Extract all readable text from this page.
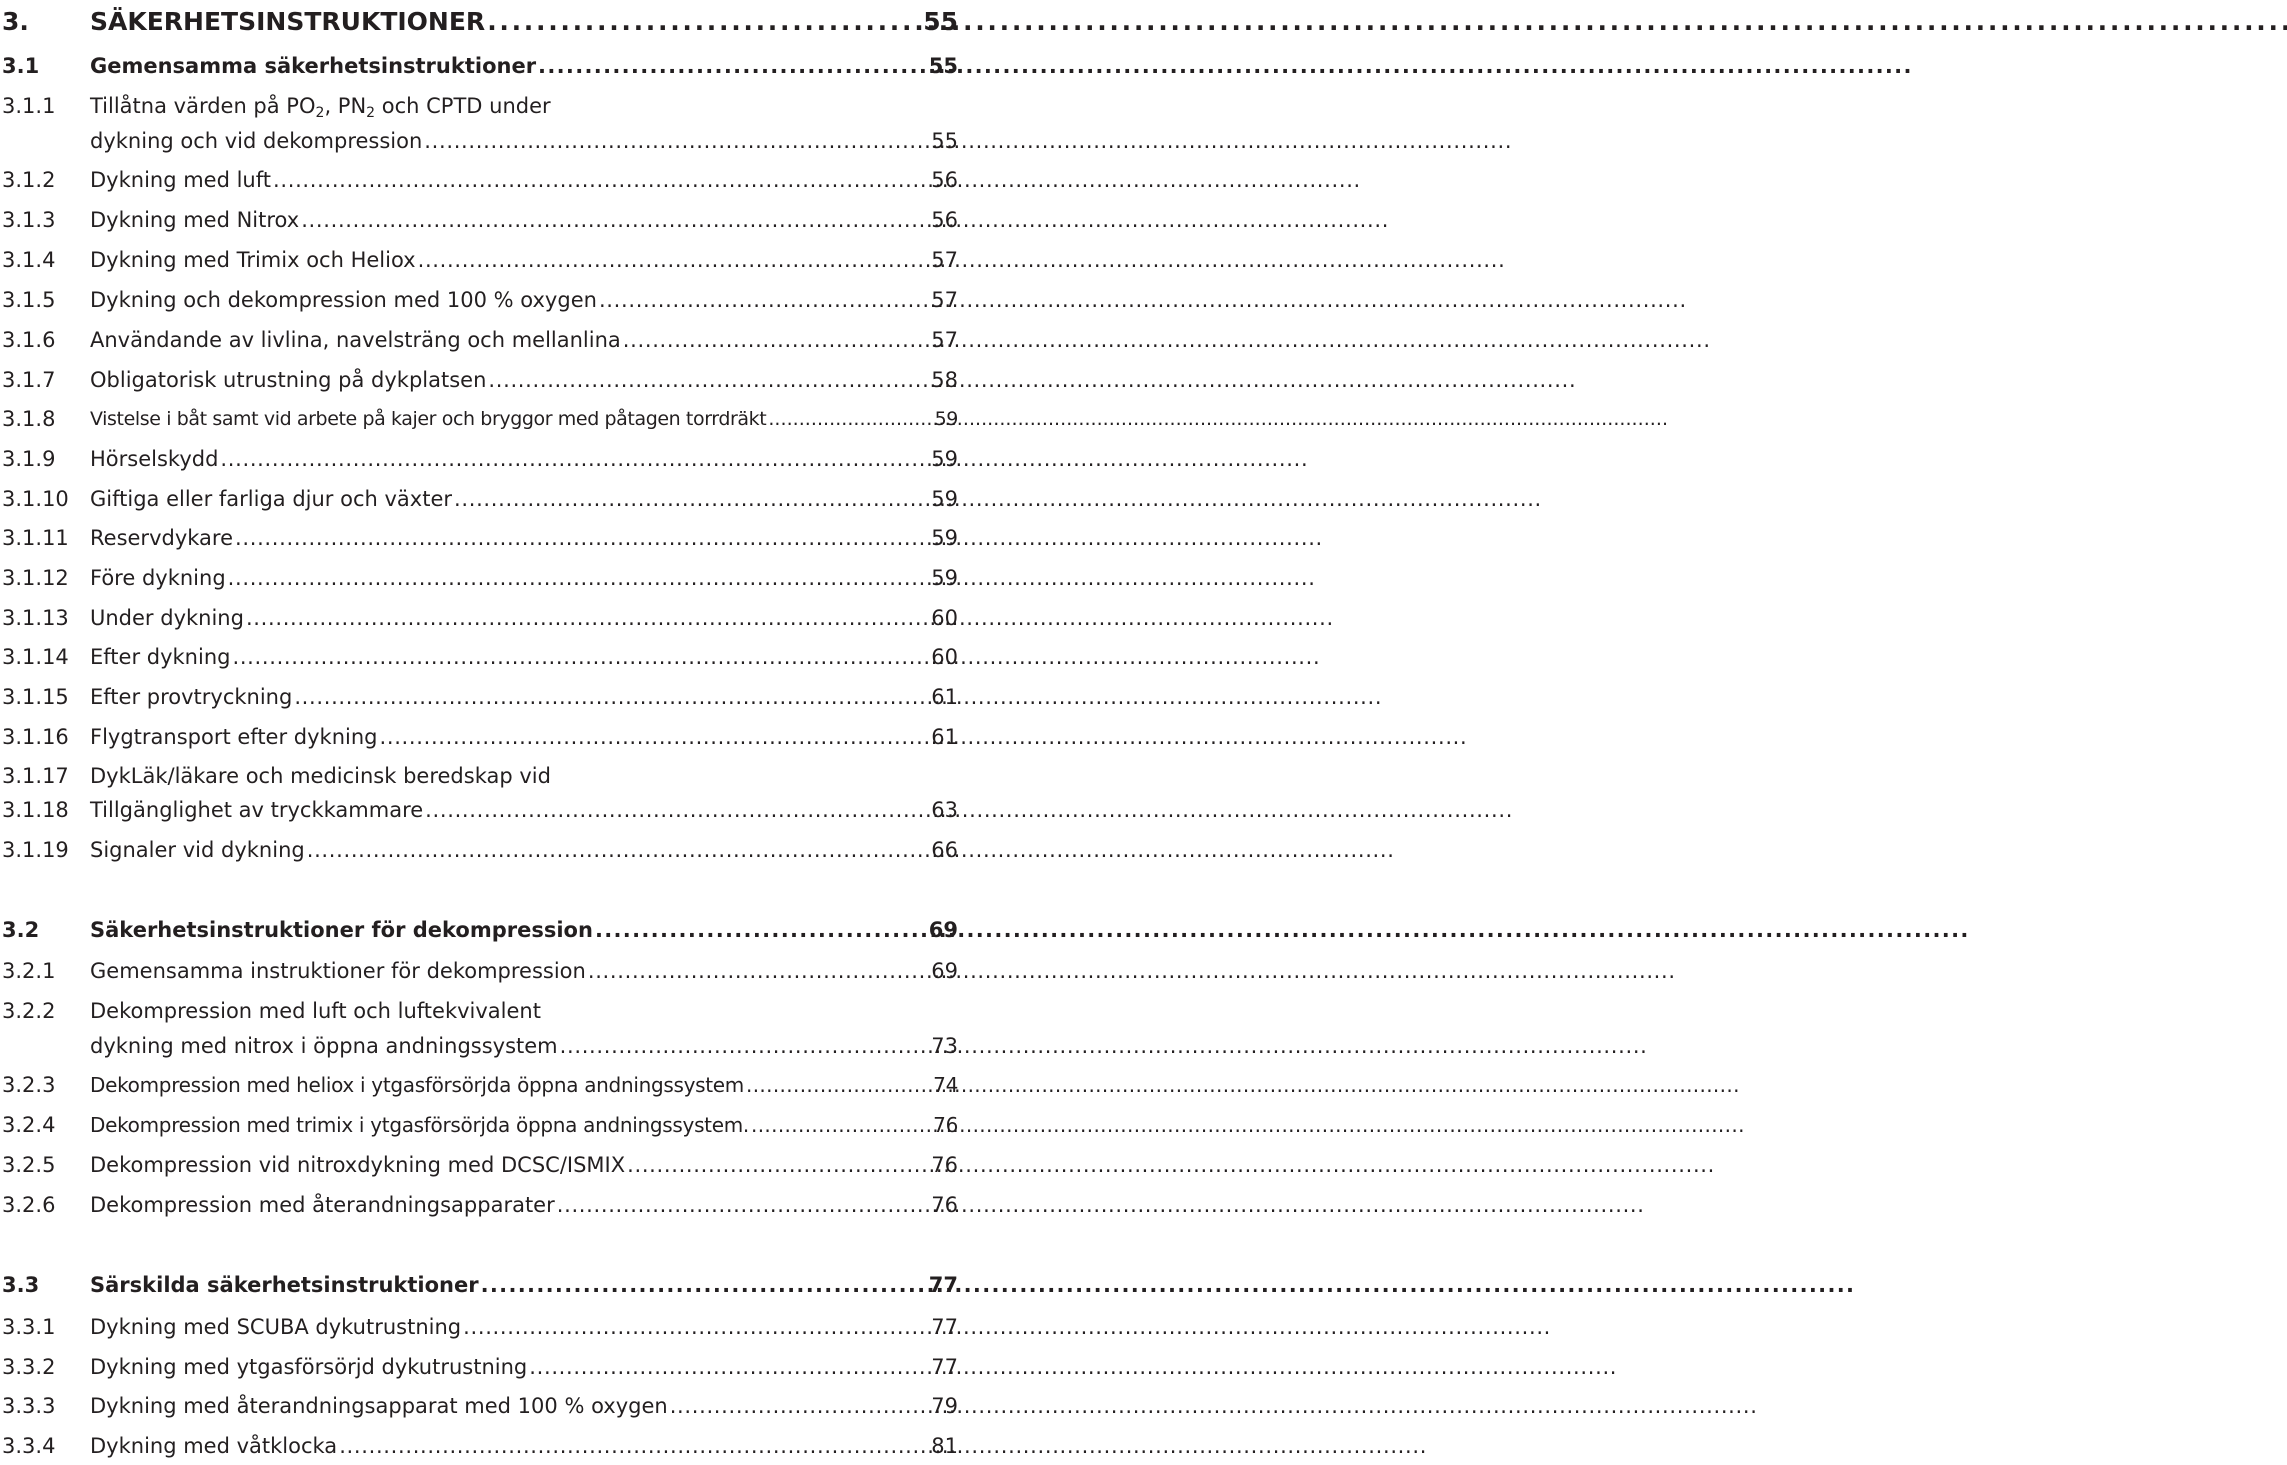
3. SÄKERHETSINSTRUKTIONER . . .	55
3.1 Gemensamma säkerhetsinstruktioner . . .	55
3.1.1 Tillåtna värden på $PO_2$, $PN_2$ och CPTD under
dykning och vid dekompression . . .	55
3.1.2 Dykning med luft . . .	56
3.1.3 Dykning med Nitrox . . .	56
3.1.4 Dykning med Trimix och Heliox . . .	57
3.1.5 Dykning och dekompression med 100 % oxygen . . .	57
3.1.6 Användande av livlina, navelsträng och mellanlina . . .	57
3.1.7 Obligatorisk utrustning på dykplatsen . . .	58
3.1.8 Vistelse i båt samt vid arbete på kajer och bryggor med påtagen torrdräkt . . .	59
3.1.9 Hörselskydd . . .	59
3.1.10 Giftiga eller farliga djur och växter . . .	59
3.1.11 Reservdykare . . .	59
3.1.12 Före dykning . . .	59
3.1.13 Under dykning . . .	60
3.1.14 Efter dykning . . .	60
3.1.15 Efter provtryckning . . .	61
3.1.16 Flygtransport efter dykning . . .	61
3.1.17 DykLäk/läkare och medicinsk beredskap vid
3.1.18 Tillgänglighet av tryckkammare . . .	63
3.1.19 Signaler vid dykning . . .	66
3.2 Säkerhetsinstruktioner för dekompression . . .	69
3.2.1 Gemensamma instruktioner för dekompression . . .	69
3.2.2 Dekompression med luft och luftekvivalent
dykning med nitrox i öppna andningssystem . . .	73
3.2.3 Dekompression med heliox i ytgasförsörjda öppna andningssystem . . .	74
3.2.4 Dekompression med trimix i ytgasförsörjda öppna andningssystem. . . .	76
3.2.5 Dekompression vid nitroxdykning med DCSC/ISMIX . . .	76
3.2.6 Dekompression med återandningsapparater . . .	76
3.3 Särskilda säkerhetsinstruktioner . . .	77
3.3.1 Dykning med SCUBA dykutrustning . . .	77
3.3.2 Dykning med ytgasförsörjd dykutrustning . . .	77
3.3.3 Dykning med återandningsapparat med 100 % oxygen . . .	79
3.3.4 Dykning med våtklocka . . .	81
